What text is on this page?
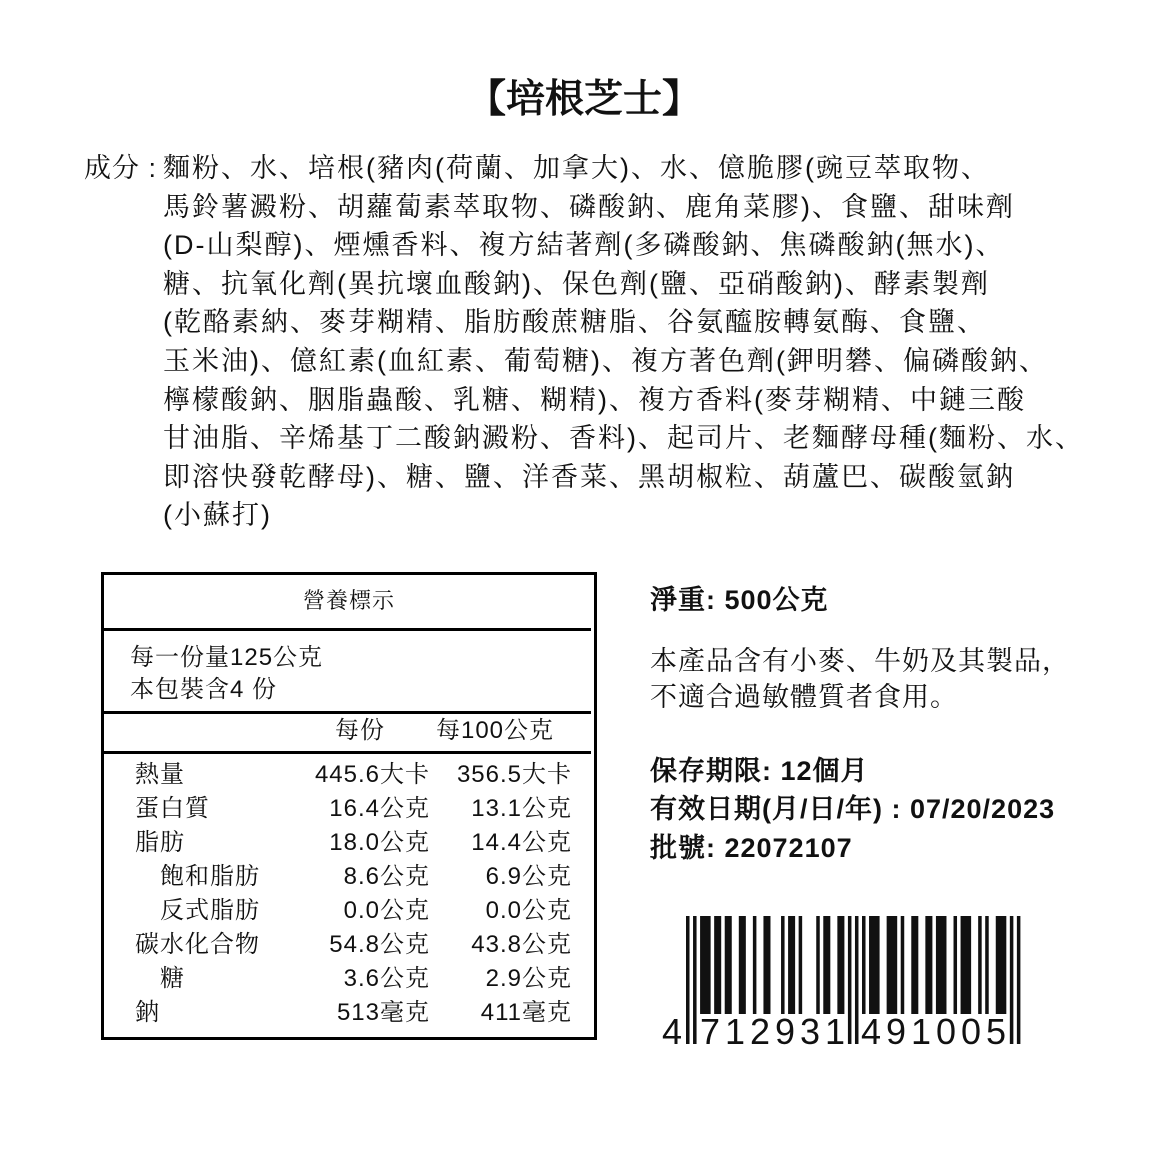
【培根芝士】
成分 : 麵粉、水、培根(豬肉(荷蘭、加拿大)、水、億脆膠(豌豆萃取物、
馬鈴薯澱粉、胡蘿蔔素萃取物、磷酸鈉、鹿角菜膠)、食鹽、甜味劑
(D-山梨醇)、煙燻香料、複方結著劑(多磷酸鈉、焦磷酸鈉(無水)、
糖、抗氧化劑(異抗壞血酸鈉)、保色劑(鹽、亞硝酸鈉)、酵素製劑
(乾酪素納、麥芽糊精、脂肪酸蔗糖脂、谷氨醯胺轉氨酶、食鹽、
玉米油)、億紅素(血紅素、葡萄糖)、複方著色劑(鉀明礬、偏磷酸鈉、
檸檬酸鈉、胭脂蟲酸、乳糖、糊精)、複方香料(麥芽糊精、中鏈三酸
甘油脂、辛烯基丁二酸鈉澱粉、香料)、起司片、老麵酵母種(麵粉、水、
即溶快發乾酵母)、糖、鹽、洋香菜、黑胡椒粒、葫蘆巴、碳酸氫鈉
(小蘇打)
營養標示
每一份量125公克
本包裝含4 份
每份	每100公克
熱量	445.6大卡	356.5大卡
蛋白質	16.4公克	13.1公克
脂肪	18.0公克	14.4公克
飽和脂肪	8.6公克	6.9公克
反式脂肪	0.0公克	0.0公克
碳水化合物	54.8公克	43.8公克
糖	3.6公克	2.9公克
鈉	513毫克	411毫克
淨重: 500公克
本產品含有小麥、牛奶及其製品，
不適合過敏體質者食用。
保存期限: 12個月
有效日期(月/日/年) : 07/20/2023
批號: 22072107
4 712931 491005
